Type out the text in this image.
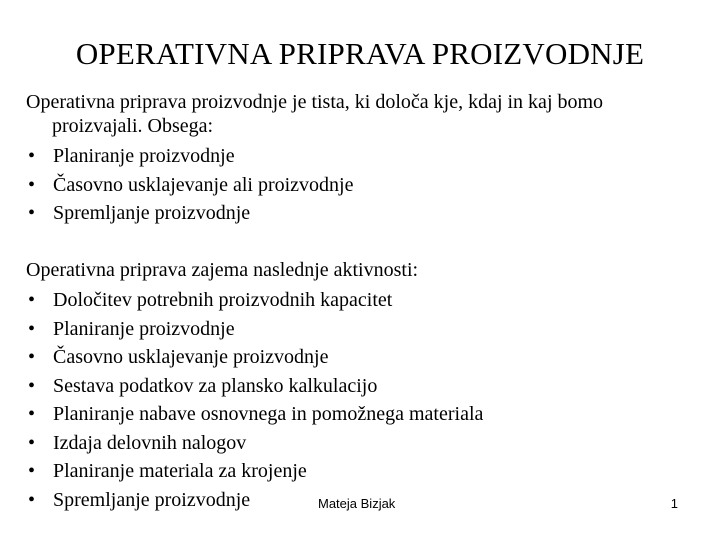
OPERATIVNA PRIPRAVA PROIZVODNJE
Operativna priprava proizvodnje je tista, ki določa kje, kdaj in kaj bomo proizvajali. Obsega:
• Planiranje proizvodnje
• Časovno usklajevanje ali proizvodnje
• Spremljanje proizvodnje
Operativna priprava zajema naslednje aktivnosti:
• Določitev potrebnih proizvodnih kapacitet
• Planiranje proizvodnje
• Časovno usklajevanje proizvodnje
• Sestava podatkov za plansko kalkulacijo
• Planiranje nabave osnovnega in pomožnega materiala
• Izdaja delovnih nalogov
• Planiranje materiala za krojenje
• Spremljanje proizvodnje	Mateja Bizjak	1
